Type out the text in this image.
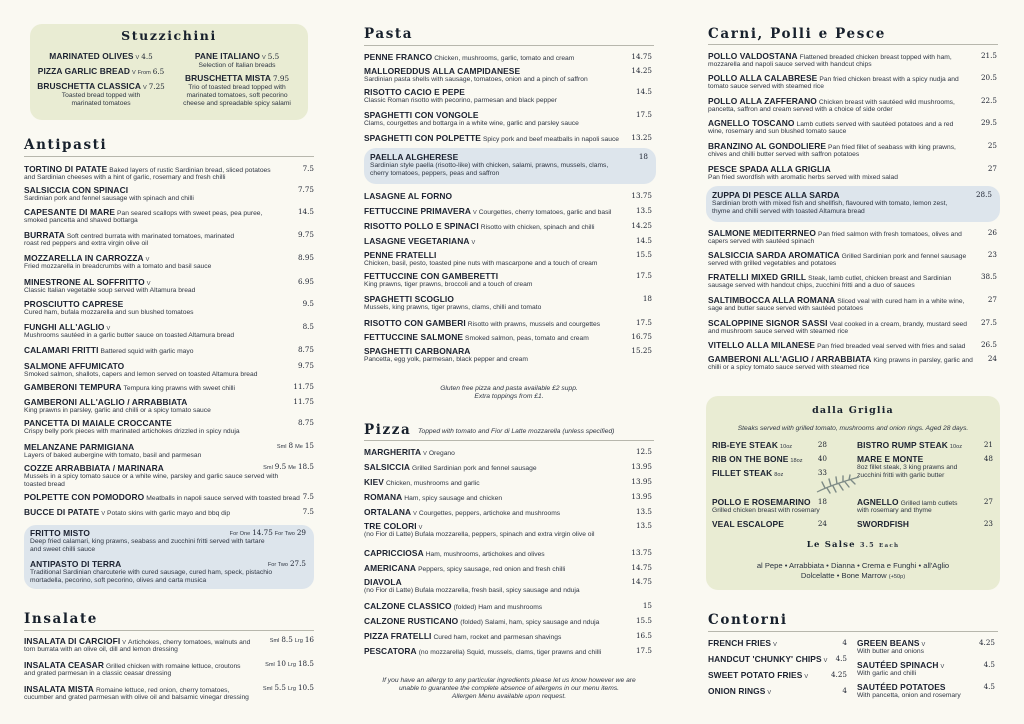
Stuzzichini
MARINATED OLIVES V 4.5
PIZZA GARLIC BREAD V From 6.5
BRUSCHETTA CLASSICA V 7.25
Toasted bread topped with
marinated tomatoes
PANE ITALIANO V 5.5
Selection of Italian breads
BRUSCHETTA MISTA 7.95
Trio of toasted bread topped with
marinated tomatoes, soft pecorino
cheese and spreadable spicy salami
Antipasti
TORTINO DI PATATE Baked layers of rustic Sardinian bread, sliced potatoes	7.5
and Sardinian cheeses with a hint of garlic, rosemary and fresh chilli
SALSICCIA CON SPINACI	7.75
Sardinian pork and fennel sausage with spinach and chilli
CAPESANTE DI MARE Pan seared scallops with sweet peas, pea puree,	14.5
smoked pancetta and shaved bottarga
BURRATA Soft centred burrata with marinated tomatoes, marinated	9.75
roast red peppers and extra virgin olive oil
MOZZARELLA IN CARROZZA V	8.95
Fried mozzarella in breadcrumbs with a tomato and basil sauce
MINESTRONE AL SOFFRITTO V	6.95
Classic Italian vegetable soup served with Altamura bread
PROSCIUTTO CAPRESE	9.5
Cured ham, bufala mozzarella and sun blushed tomatoes
FUNGHI ALL'AGLIO V	8.5
Mushrooms sautéed in a garlic butter sauce on toasted Altamura bread
CALAMARI FRITTI Battered squid with garlic mayo	8.75
SALMONE AFFUMICATO	9.75
Smoked salmon, shallots, capers and lemon served on toasted Altamura bread
GAMBERONI TEMPURA Tempura king prawns with sweet chilli	11.75
GAMBERONI ALL'AGLIO / ARRABBIATA	11.75
King prawns in parsley, garlic and chilli or a spicy tomato sauce
PANCETTA DI MAIALE CROCCANTE	8.75
Crispy belly pork pieces with marinated artichokes drizzled in spicy nduja
MELANZANE PARMIGIANA	Sml 8 Me 15
Layers of baked aubergine with tomato, basil and parmesan
COZZE ARRABBIATA / MARINARA	Sml 9.5 Me 18.5
Mussels in a spicy tomato sauce or a white wine, parsley and garlic sauce served with
toasted bread
POLPETTE CON POMODORO Meatballs in napoli sauce served with toasted bread 7.5
BUCCE DI PATATE V Potato skins with garlic mayo and bbq dip	7.5
FRITTO MISTO	For One 14.75 For Two 29
Deep fried calamari, king prawns, seabass and zucchini fritti served with tartare
and sweet chilli sauce
ANTIPASTO DI TERRA	For Two 27.5
Traditional Sardinian charcuterie with cured sausage, cured ham, speck, pistachio
mortadella, pecorino, soft pecorino, olives and carta musica
Insalate
INSALATA DI CARCIOFI V Artichokes, cherry tomatoes, walnuts and	Sml 8.5 Lrg 16
torn burrata with an olive oil, dill and lemon dressing
INSALATA CEASAR Grilled chicken with romaine lettuce, croutons	Sml 10 Lrg 18.5
and grated parmesan in a classic ceasar dressing
INSALATA MISTA Romaine lettuce, red onion, cherry tomatoes,	Sml 5.5 Lrg 10.5
cucumber and grated parmesan with olive oil and balsamic vinegar dressing
Pasta
PENNE FRANCO Chicken, mushrooms, garlic, tomato and cream	14.75
MALLOREDDUS ALLA CAMPIDANESE	14.25
Sardinian pasta shells with sausage, tomatoes, onion and a pinch of saffron
RISOTTO CACIO E PEPE	14.5
Classic Roman risotto with pecorino, parmesan and black pepper
SPAGHETTI CON VONGOLE	17.5
Clams, courgettes and bottarga in a white wine, garlic and parsley sauce
SPAGHETTI CON POLPETTE Spicy pork and beef meatballs in napoli sauce	13.25
PAELLA ALGHERESE	18
Sardinian style paella (risotto-like) with chicken, salami, prawns, mussels, clams,
cherry tomatoes, peppers, peas and saffron
LASAGNE AL FORNO	13.75
FETTUCCINE PRIMAVERA V Courgettes, cherry tomatoes, garlic and basil	13.5
RISOTTO POLLO E SPINACI Risotto with chicken, spinach and chilli	14.25
LASAGNE VEGETARIANA V	14.5
PENNE FRATELLI	15.5
Chicken, basil, pesto, toasted pine nuts with mascarpone and a touch of cream
FETTUCCINE CON GAMBERETTI	17.5
King prawns, tiger prawns, broccoli and a touch of cream
SPAGHETTI SCOGLIO	18
Mussels, king prawns, tiger prawns, clams, chilli and tomato
RISOTTO CON GAMBERI Risotto with prawns, mussels and courgettes	17.5
FETTUCCINE SALMONE Smoked salmon, peas, tomato and cream	16.75
SPAGHETTI CARBONARA	15.25
Pancetta, egg yolk, parmesan, black pepper and cream
Gluten free pizza and pasta available £2 supp.
Extra toppings from £1.
Pizza Topped with tomato and Fior di Latte mozzarella (unless specified)
MARGHERITA V Oregano	12.5
SALSICCIA Grilled Sardinian pork and fennel sausage	13.95
KIEV Chicken, mushrooms and garlic	13.95
ROMANA Ham, spicy sausage and chicken	13.95
ORTALANA V Courgettes, peppers, artichoke and mushrooms	13.5
TRE COLORI V	13.5
(no Fior di Latte) Bufala mozzarella, peppers, spinach and extra virgin olive oil
CAPRICCIOSA Ham, mushrooms, artichokes and olives	13.75
AMERICANA Peppers, spicy sausage, red onion and fresh chilli	14.75
DIAVOLA	14.75
(no Fior di Latte) Bufala mozzarella, fresh basil, spicy sausage and nduja
CALZONE CLASSICO (folded) Ham and mushrooms	15
CALZONE RUSTICANO (folded) Salami, ham, spicy sausage and nduja	15.5
PIZZA FRATELLI Cured ham, rocket and parmesan shavings	16.5
PESCATORA (no mozzarella) Squid, mussels, clams, tiger prawns and chilli	17.5
If you have an allergy to any particular ingredients please let us know however we are
unable to guarantee the complete absence of allergens in our menu items.
Allergen Menu available upon request.
Carni, Polli e Pesce
POLLO VALDOSTANA Flattened breaded chicken breast topped with ham,	21.5
mozzarella and napoli sauce served with handcut chips
POLLO ALLA CALABRESE Pan fried chicken breast with a spicy nudja and	20.5
tomato sauce served with steamed rice
POLLO ALLA ZAFFERANO Chicken breast with sautéed wild mushrooms,	22.5
pancetta, saffron and cream served with a choice of side order
AGNELLO TOSCANO Lamb cutlets served with sautéed potatoes and a red	29.5
wine, rosemary and sun blushed tomato sauce
BRANZINO AL GONDOLIERE Pan fried fillet of seabass with king prawns,	25
chives and chilli butter served with saffron potatoes
PESCE SPADA ALLA GRIGLIA	27
Pan fried swordfish with aromatic herbs served with mixed salad
ZUPPA DI PESCE ALLA SARDA	28.5
Sardinian broth with mixed fish and shellfish, flavoured with tomato, lemon zest,
thyme and chilli served with toasted Altamura bread
SALMONE MEDITERRNEO Pan fried salmon with fresh tomatoes, olives and	26
capers served with sautéed spinach
SALSICCIA SARDA AROMATICA Grilled Sardinian pork and fennel sausage	23
served with grilled vegetables and potatoes
FRATELLI MIXED GRILL Steak, lamb cutlet, chicken breast and Sardinian	38.5
sausage served with handcut chips, zucchini fritti and a duo of sauces
SALTIMBOCCA ALLA ROMANA Sliced veal with cured ham in a white wine,	27
sage and butter sauce served with sautéed potatoes
SCALOPPINE SIGNOR SASSI Veal cooked in a cream, brandy, mustard seed	27.5
and mushroom sauce served with steamed rice
VITELLO ALLA MILANESE Pan fried breaded veal served with fries and salad	26.5
GAMBERONI ALL'AGLIO / ARRABBIATA King prawns in parsley, garlic and	24
chilli or a spicy tomato sauce served with steamed rice
dalla Griglia
Steaks served with grilled tomato, mushrooms and onion rings. Aged 28 days.
RIB-EYE STEAK 10oz	28
RIB ON THE BONE 18oz	40
FILLET STEAK 8oz	33
POLLO E ROSEMARINO	18
Grilled chicken breast with rosemary
VEAL ESCALOPE	24
BISTRO RUMP STEAK 10oz	21
MARE E MONTE	48
8oz fillet steak, 3 king prawns and
zucchini fritti with garlic butter
AGNELLO Grilled lamb cutlets	27
with rosemary and thyme
SWORDFISH	23
Le Salse 3.5 Each
al Pepe • Arrabbiata • Dianna • Crema e Funghi • all'Aglio
Dolcelatte • Bone Marrow (+50p)
Contorni
FRENCH FRIES V	4
HANDCUT 'CHUNKY' CHIPS V	4.5
SWEET POTATO FRIES V	4.25
ONION RINGS V	4
GREEN BEANS V	4.25
With butter and onions
SAUTÉED SPINACH V	4.5
With garlic and chilli
SAUTÉED POTATOES	4.5
With pancetta, onion and rosemary
